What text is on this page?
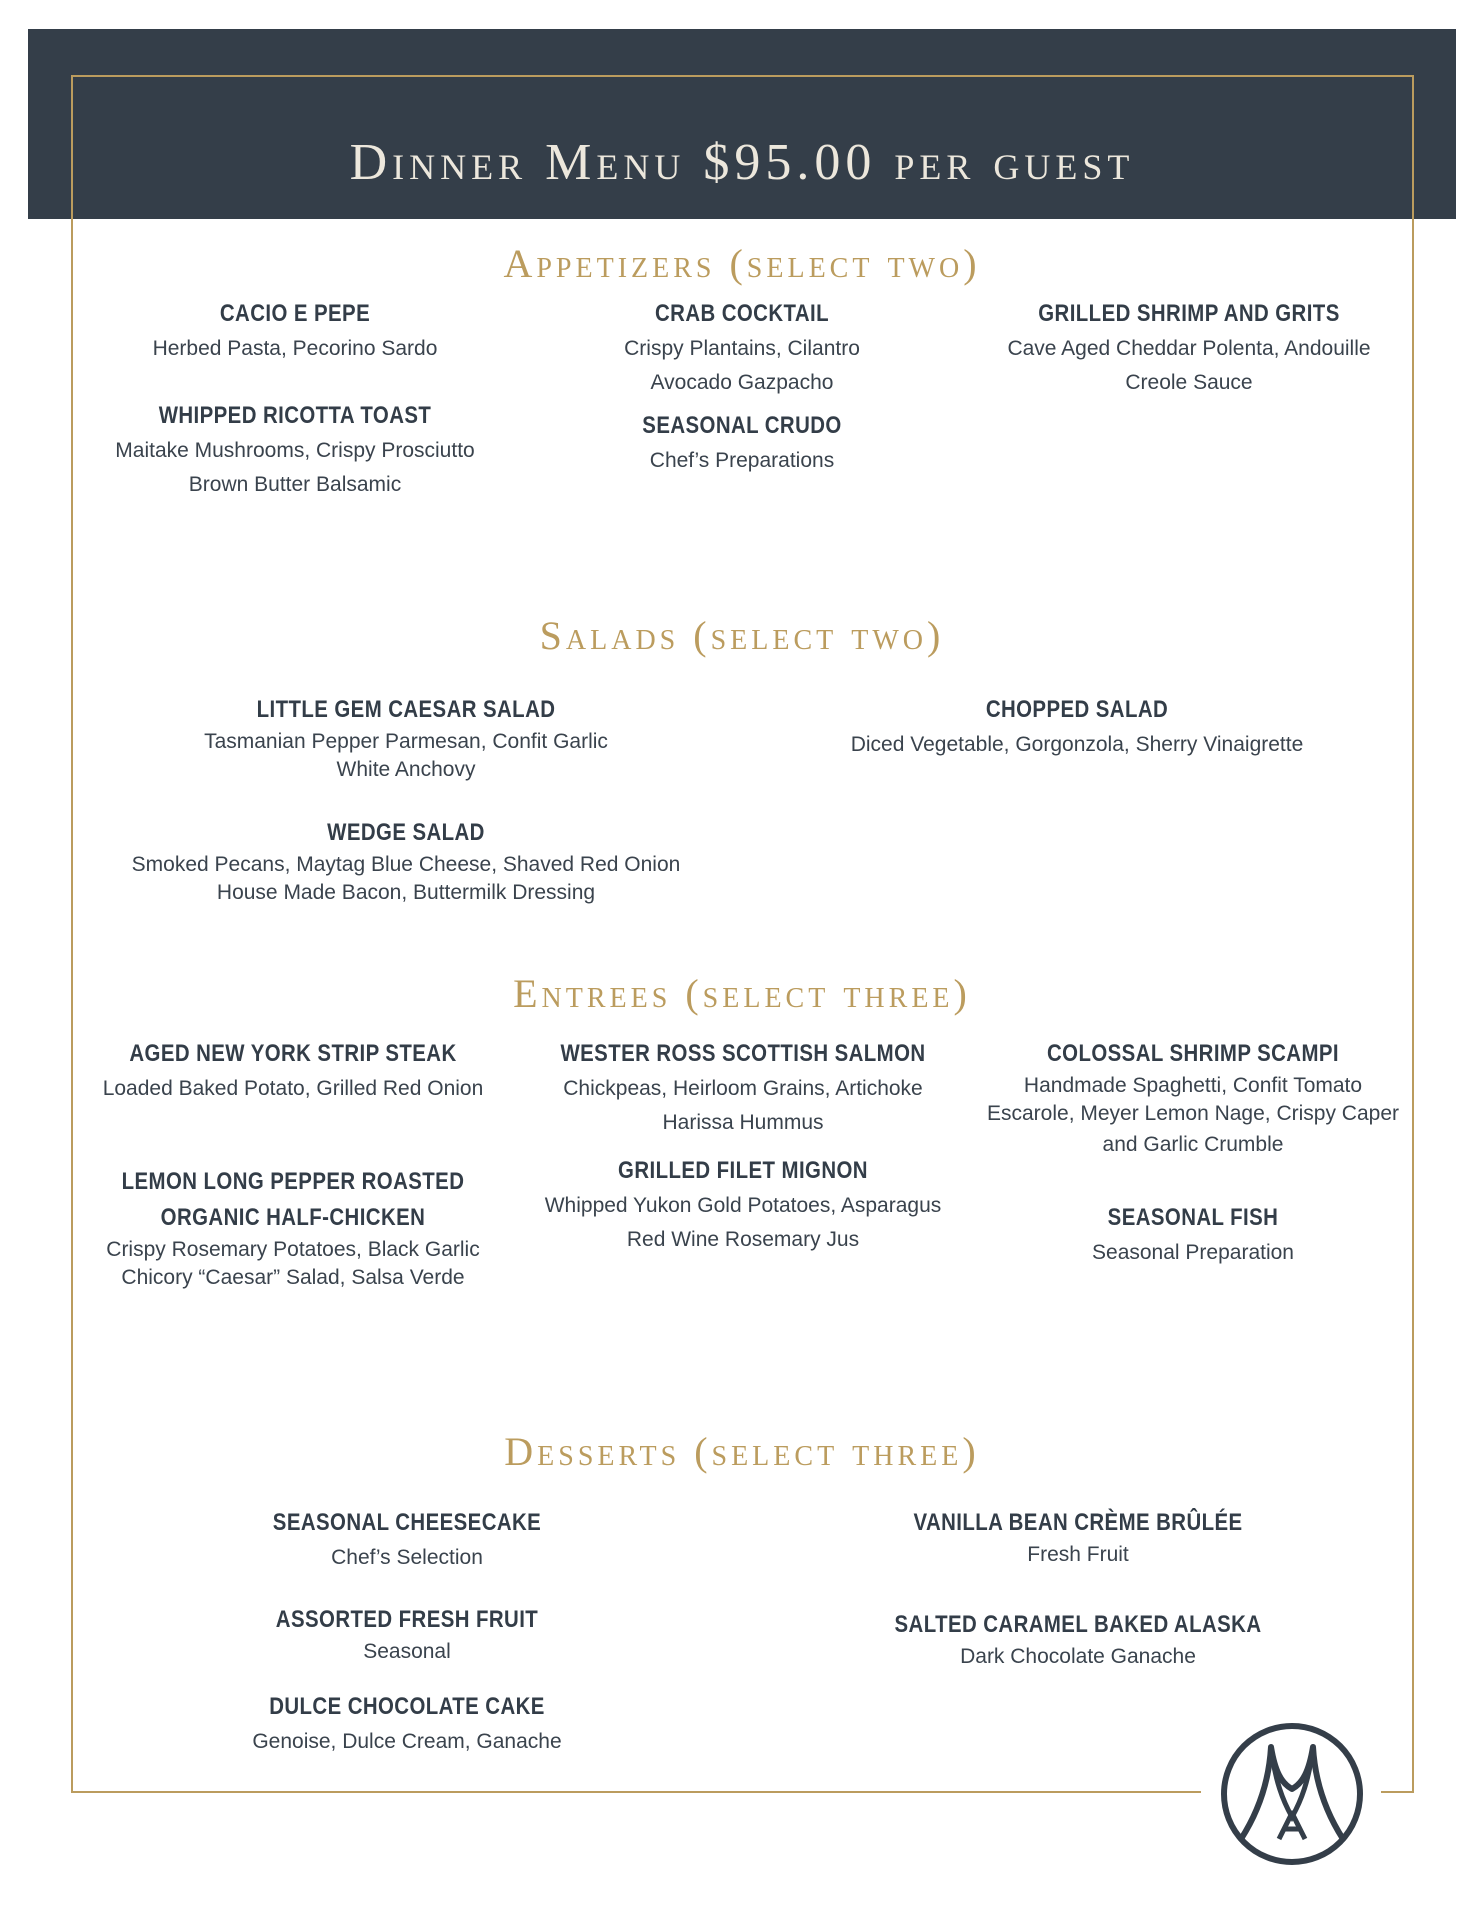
Dinner Menu $95.00 per guest
Appetizers (select two)
CACIO E PEPE
Herbed Pasta, Pecorino Sardo
WHIPPED RICOTTA TOAST
Maitake Mushrooms, Crispy Prosciutto
Brown Butter Balsamic
CRAB COCKTAIL
Crispy Plantains, Cilantro
Avocado Gazpacho
SEASONAL CRUDO
Chef’s Preparations
GRILLED SHRIMP AND GRITS
Cave Aged Cheddar Polenta, Andouille
Creole Sauce
Salads (select two)
LITTLE GEM CAESAR SALAD
Tasmanian Pepper Parmesan, Confit Garlic
White Anchovy
WEDGE SALAD
Smoked Pecans, Maytag Blue Cheese, Shaved Red Onion
House Made Bacon, Buttermilk Dressing
CHOPPED SALAD
Diced Vegetable, Gorgonzola, Sherry Vinaigrette
Entrees (select three)
AGED NEW YORK STRIP STEAK
Loaded Baked Potato, Grilled Red Onion
LEMON LONG PEPPER ROASTED
ORGANIC HALF-CHICKEN
Crispy Rosemary Potatoes, Black Garlic
Chicory “Caesar” Salad, Salsa Verde
WESTER ROSS SCOTTISH SALMON
Chickpeas, Heirloom Grains, Artichoke
Harissa Hummus
GRILLED FILET MIGNON
Whipped Yukon Gold Potatoes, Asparagus
Red Wine Rosemary Jus
COLOSSAL SHRIMP SCAMPI
Handmade Spaghetti, Confit Tomato
Escarole, Meyer Lemon Nage, Crispy Caper
and Garlic Crumble
SEASONAL FISH
Seasonal Preparation
Desserts (select three)
SEASONAL CHEESECAKE
Chef’s Selection
ASSORTED FRESH FRUIT
Seasonal
DULCE CHOCOLATE CAKE
Genoise, Dulce Cream, Ganache
VANILLA BEAN CRÈME BRÛLÉE
Fresh Fruit
SALTED CARAMEL BAKED ALASKA
Dark Chocolate Ganache
